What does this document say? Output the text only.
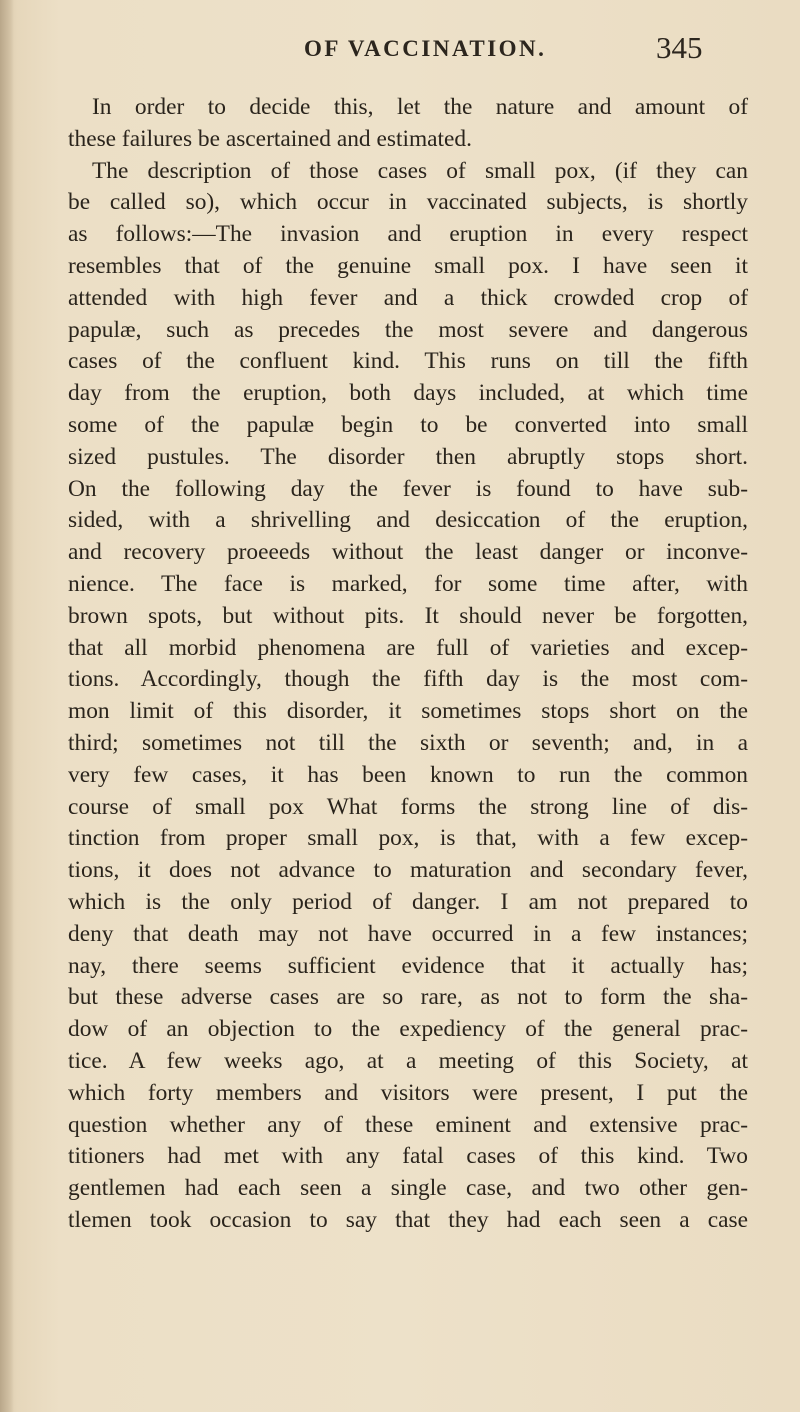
OF VACCINATION.	345
In order to decide this, let the nature and amount of
these failures be ascertained and estimated.
The description of those cases of small pox, (if they can
be called so), which occur in vaccinated subjects, is shortly
as follows:—The invasion and eruption in every respect
resembles that of the genuine small pox. I have seen it
attended with high fever and a thick crowded crop of
papulæ, such as precedes the most severe and dangerous
cases of the confluent kind. This runs on till the fifth
day from the eruption, both days included, at which time
some of the papulæ begin to be converted into small
sized pustules. The disorder then abruptly stops short.
On the following day the fever is found to have sub-
sided, with a shrivelling and desiccation of the eruption,
and recovery proeeeds without the least danger or inconve-
nience. The face is marked, for some time after, with
brown spots, but without pits. It should never be forgotten,
that all morbid phenomena are full of varieties and excep-
tions. Accordingly, though the fifth day is the most com-
mon limit of this disorder, it sometimes stops short on the
third; sometimes not till the sixth or seventh; and, in a
very few cases, it has been known to run the common
course of small pox What forms the strong line of dis-
tinction from proper small pox, is that, with a few excep-
tions, it does not advance to maturation and secondary fever,
which is the only period of danger. I am not prepared to
deny that death may not have occurred in a few instances;
nay, there seems sufficient evidence that it actually has;
but these adverse cases are so rare, as not to form the sha-
dow of an objection to the expediency of the general prac-
tice. A few weeks ago, at a meeting of this Society, at
which forty members and visitors were present, I put the
question whether any of these eminent and extensive prac-
titioners had met with any fatal cases of this kind. Two
gentlemen had each seen a single case, and two other gen-
tlemen took occasion to say that they had each seen a case
